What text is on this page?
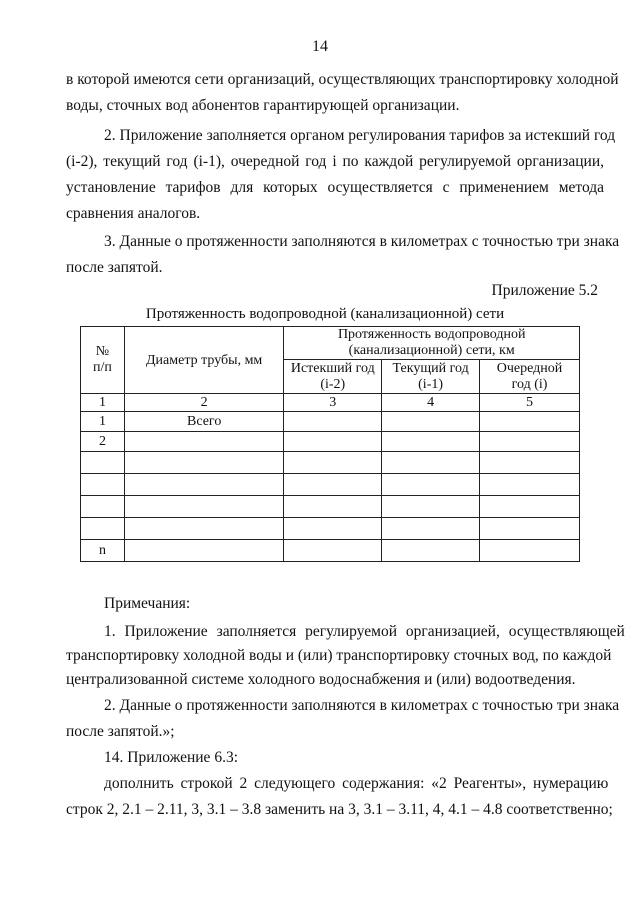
14
в которой имеются сети организаций, осуществляющих транспортировку холодной
воды, сточных вод абонентов гарантирующей организации.
2. Приложение заполняется органом регулирования тарифов за истекший год
(i-2), текущий год (i-1), очередной год i по каждой регулируемой организации,
установление тарифов для которых осуществляется с применением метода
сравнения аналогов.
3. Данные о протяженности заполняются в километрах с точностью три знака
после запятой.
Приложение 5.2
Протяженность водопроводной (канализационной) сети
№ п/п	Диаметр трубы, мм	Протяженность водопроводной (канализационной) сети, км		
		Истекший год (i-2)	Текущий год (i-1)	Очередной год (i)
1	2	3	4	5
1	Всего			
2				

n				
Примечания:
1. Приложение заполняется регулируемой организацией, осуществляющей
транспортировку холодной воды и (или) транспортировку сточных вод, по каждой
централизованной системе холодного водоснабжения и (или) водоотведения.
2. Данные о протяженности заполняются в километрах с точностью три знака
после запятой.»;
14. Приложение 6.3:
дополнить строкой 2 следующего содержания: «2 Реагенты», нумерацию
строк 2, 2.1 – 2.11, 3, 3.1 – 3.8 заменить на 3, 3.1 – 3.11, 4, 4.1 – 4.8 соответственно;
